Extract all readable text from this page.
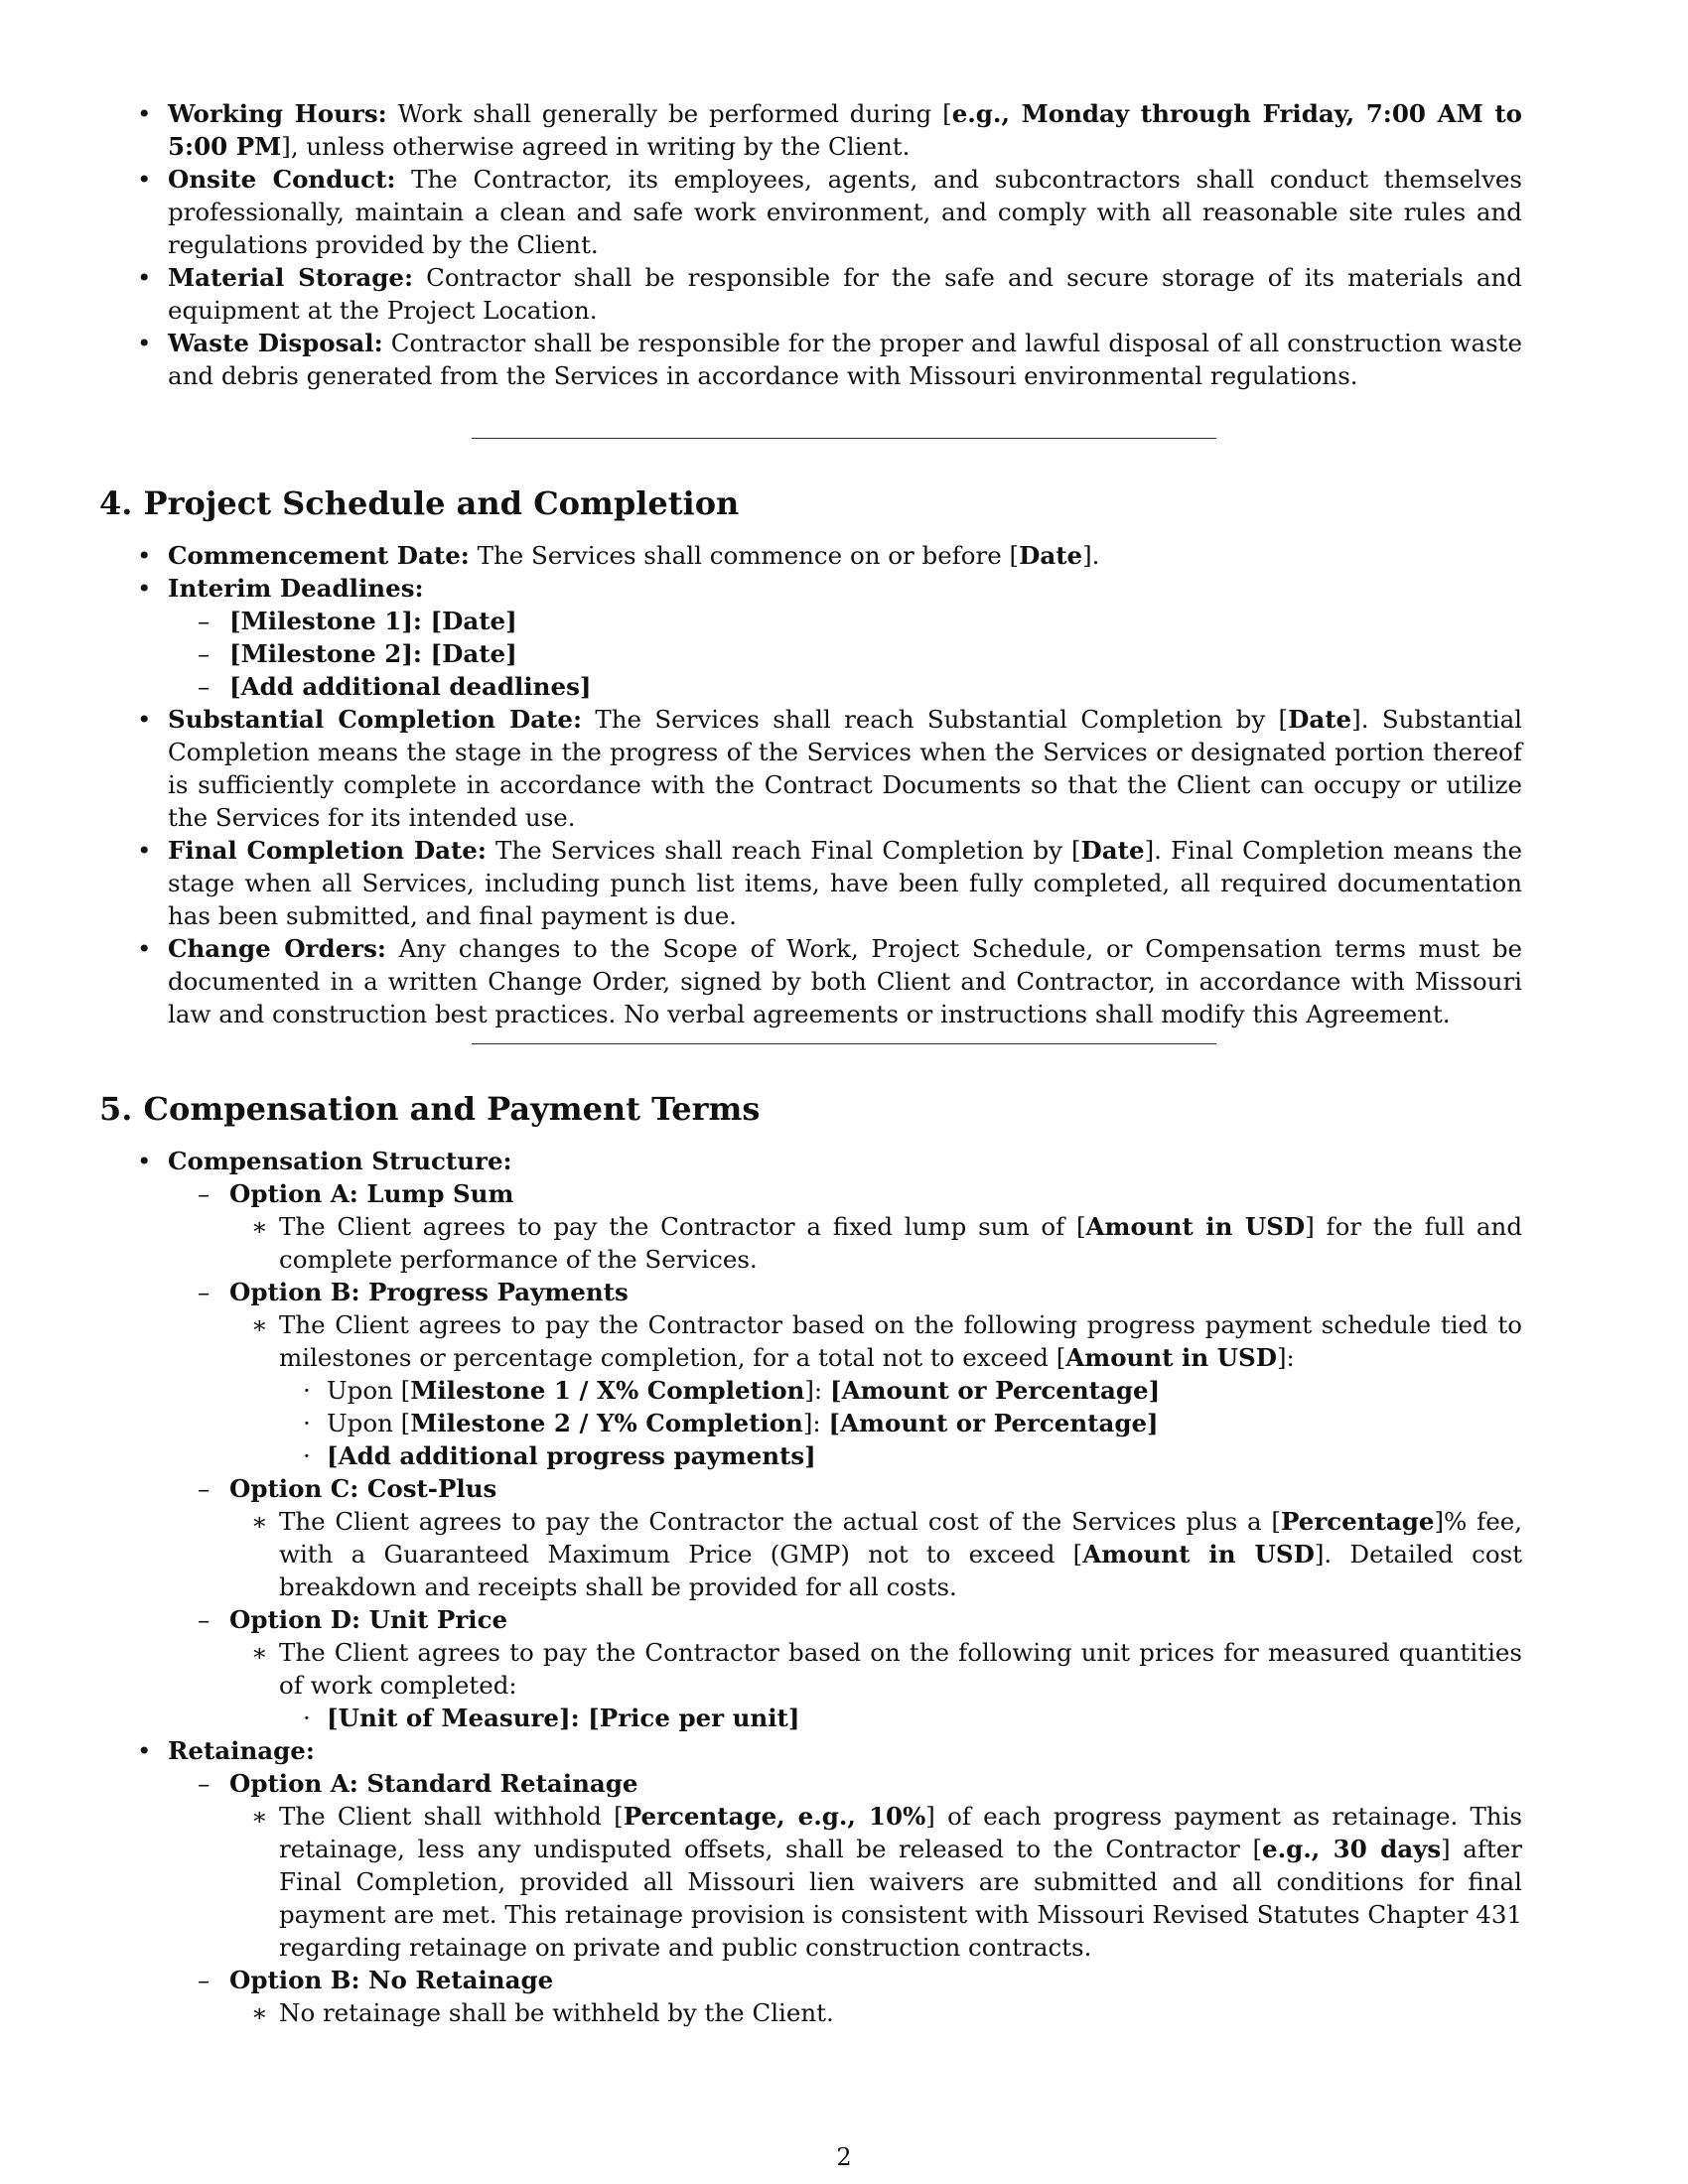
• Working Hours: Work shall generally be performed during [e.g., Monday through Friday, 7:00 AM to 5:00 PM], unless otherwise agreed in writing by the Client.
• Onsite Conduct: The Contractor, its employees, agents, and subcontractors shall conduct themselves professionally, maintain a clean and safe work environment, and comply with all reasonable site rules and regulations provided by the Client.
• Material Storage: Contractor shall be responsible for the safe and secure storage of its materials and equipment at the Project Location.
• Waste Disposal: Contractor shall be responsible for the proper and lawful disposal of all construction waste and debris generated from the Services in accordance with Missouri environmental regulations.
4. Project Schedule and Completion
• Commencement Date: The Services shall commence on or before [Date].
• Interim Deadlines:
– [Milestone 1]: [Date]
– [Milestone 2]: [Date]
– [Add additional deadlines]
• Substantial Completion Date: The Services shall reach Substantial Completion by [Date]. Substantial Completion means the stage in the progress of the Services when the Services or designated portion thereof is sufficiently complete in accordance with the Contract Documents so that the Client can occupy or utilize the Services for its intended use.
• Final Completion Date: The Services shall reach Final Completion by [Date]. Final Completion means the stage when all Services, including punch list items, have been fully completed, all required documentation has been submitted, and final payment is due.
• Change Orders: Any changes to the Scope of Work, Project Schedule, or Compensation terms must be documented in a written Change Order, signed by both Client and Contractor, in accordance with Missouri law and construction best practices. No verbal agreements or instructions shall modify this Agreement.
5. Compensation and Payment Terms
• Compensation Structure:
– Option A: Lump Sum
∗ The Client agrees to pay the Contractor a fixed lump sum of [Amount in USD] for the full and complete performance of the Services.
– Option B: Progress Payments
∗ The Client agrees to pay the Contractor based on the following progress payment schedule tied to milestones or percentage completion, for a total not to exceed [Amount in USD]:
· Upon [Milestone 1 / X% Completion]: [Amount or Percentage]
· Upon [Milestone 2 / Y% Completion]: [Amount or Percentage]
· [Add additional progress payments]
– Option C: Cost-Plus
∗ The Client agrees to pay the Contractor the actual cost of the Services plus a [Percentage]% fee, with a Guaranteed Maximum Price (GMP) not to exceed [Amount in USD]. Detailed cost breakdown and receipts shall be provided for all costs.
– Option D: Unit Price
∗ The Client agrees to pay the Contractor based on the following unit prices for measured quantities of work completed:
· [Unit of Measure]: [Price per unit]
• Retainage:
– Option A: Standard Retainage
∗ The Client shall withhold [Percentage, e.g., 10%] of each progress payment as retainage. This retainage, less any undisputed offsets, shall be released to the Contractor [e.g., 30 days] after Final Completion, provided all Missouri lien waivers are submitted and all conditions for final payment are met. This retainage provision is consistent with Missouri Revised Statutes Chapter 431 regarding retainage on private and public construction contracts.
– Option B: No Retainage
∗ No retainage shall be withheld by the Client.
2
